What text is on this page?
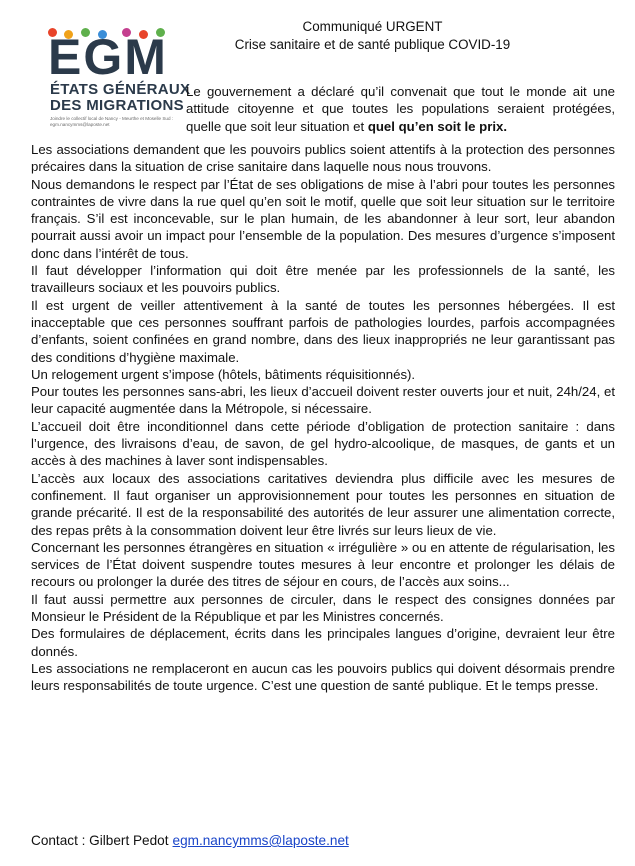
EGM
ÉTATS GÉNÉRAUX
DES MIGRATIONS
Joindre le collectif local de Nancy - Meurthe et Moselle Sud :
egm.nancymms@laposte.net
Communiqué URGENT
Crise sanitaire et de santé publique COVID-19
Le gouvernement a déclaré qu’il convenait que tout le monde ait une attitude citoyenne et que toutes les populations seraient protégées, quelle que soit leur situation et quel qu’en soit le prix.

Les associations demandent que les pouvoirs publics soient attentifs à la protection des personnes précaires dans la situation de crise sanitaire dans laquelle nous nous trouvons.

Nous demandons le respect par l’État de ses obligations de mise à l’abri pour toutes les personnes contraintes de vivre dans la rue quel qu’en soit le motif, quelle que soit leur situation sur le territoire français. S’il est inconcevable, sur le plan humain, de les abandonner à leur sort, leur abandon pourrait aussi avoir un impact pour l’ensemble de la population. Des mesures d’urgence s’imposent donc dans l’intérêt de tous.

Il faut développer l’information qui doit être menée par les professionnels de la santé, les travailleurs sociaux et les pouvoirs publics.

Il est urgent de veiller attentivement à la santé de toutes les personnes hébergées. Il est inacceptable que ces personnes souffrant parfois de pathologies lourdes, parfois accompagnées d’enfants, soient confinées en grand nombre, dans des lieux inappropriés ne leur garantissant pas des conditions d’hygiène maximale.

Un relogement urgent s’impose (hôtels, bâtiments réquisitionnés).

Pour toutes les personnes sans-abri, les lieux d’accueil doivent rester ouverts jour et nuit, 24h/24, et leur capacité augmentée dans la Métropole, si nécessaire.

L’accueil doit être inconditionnel dans cette période d’obligation de protection sanitaire : dans l’urgence, des livraisons d’eau, de savon, de gel hydro-alcoolique, de masques, de gants et un accès à des machines à laver sont indispensables.

L’accès aux locaux des associations caritatives deviendra plus difficile avec les mesures de confinement. Il faut organiser un approvisionnement pour toutes les personnes en situation de grande précarité. Il est de la responsabilité des autorités de leur assurer une alimentation correcte, des repas prêts à la consommation doivent leur être livrés sur leurs lieux de vie.

Concernant les personnes étrangères en situation « irrégulière » ou en attente de régularisation, les services de l’État doivent suspendre toutes mesures à leur encontre et prolonger les délais de recours ou prolonger la durée des titres de séjour en cours, de l’accès aux soins...

Il faut aussi permettre aux personnes de circuler, dans le respect des consignes données par Monsieur le Président de la République et par les Ministres concernés.

Des formulaires de déplacement, écrits dans les principales langues d’origine, devraient leur être donnés.

Les associations ne remplaceront en aucun cas les pouvoirs publics qui doivent désormais prendre leurs responsabilités de toute urgence. C’est une question de santé publique. Et le temps presse.

Contact : Gilbert Pedot egm.nancymms@laposte.net
